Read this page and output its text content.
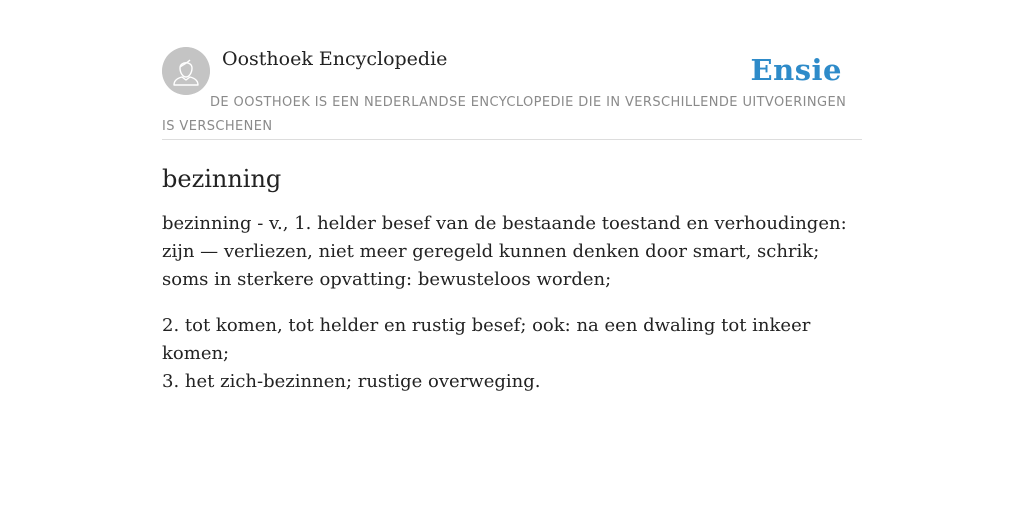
Oosthoek Encyclopedie	Ensie
DE OOSTHOEK IS EEN NEDERLANDSE ENCYCLOPEDIE DIE IN VERSCHILLENDE UITVOERINGEN IS VERSCHENEN
bezinning

bezinning - v., 1. helder besef van de bestaande toestand en verhoudingen: zijn — verliezen, niet meer geregeld kunnen denken door smart, schrik; soms in sterkere opvatting: bewusteloos worden;

2. tot komen, tot helder en rustig besef; ook: na een dwaling tot inkeer komen;
3. het zich-bezinnen; rustige overweging.
